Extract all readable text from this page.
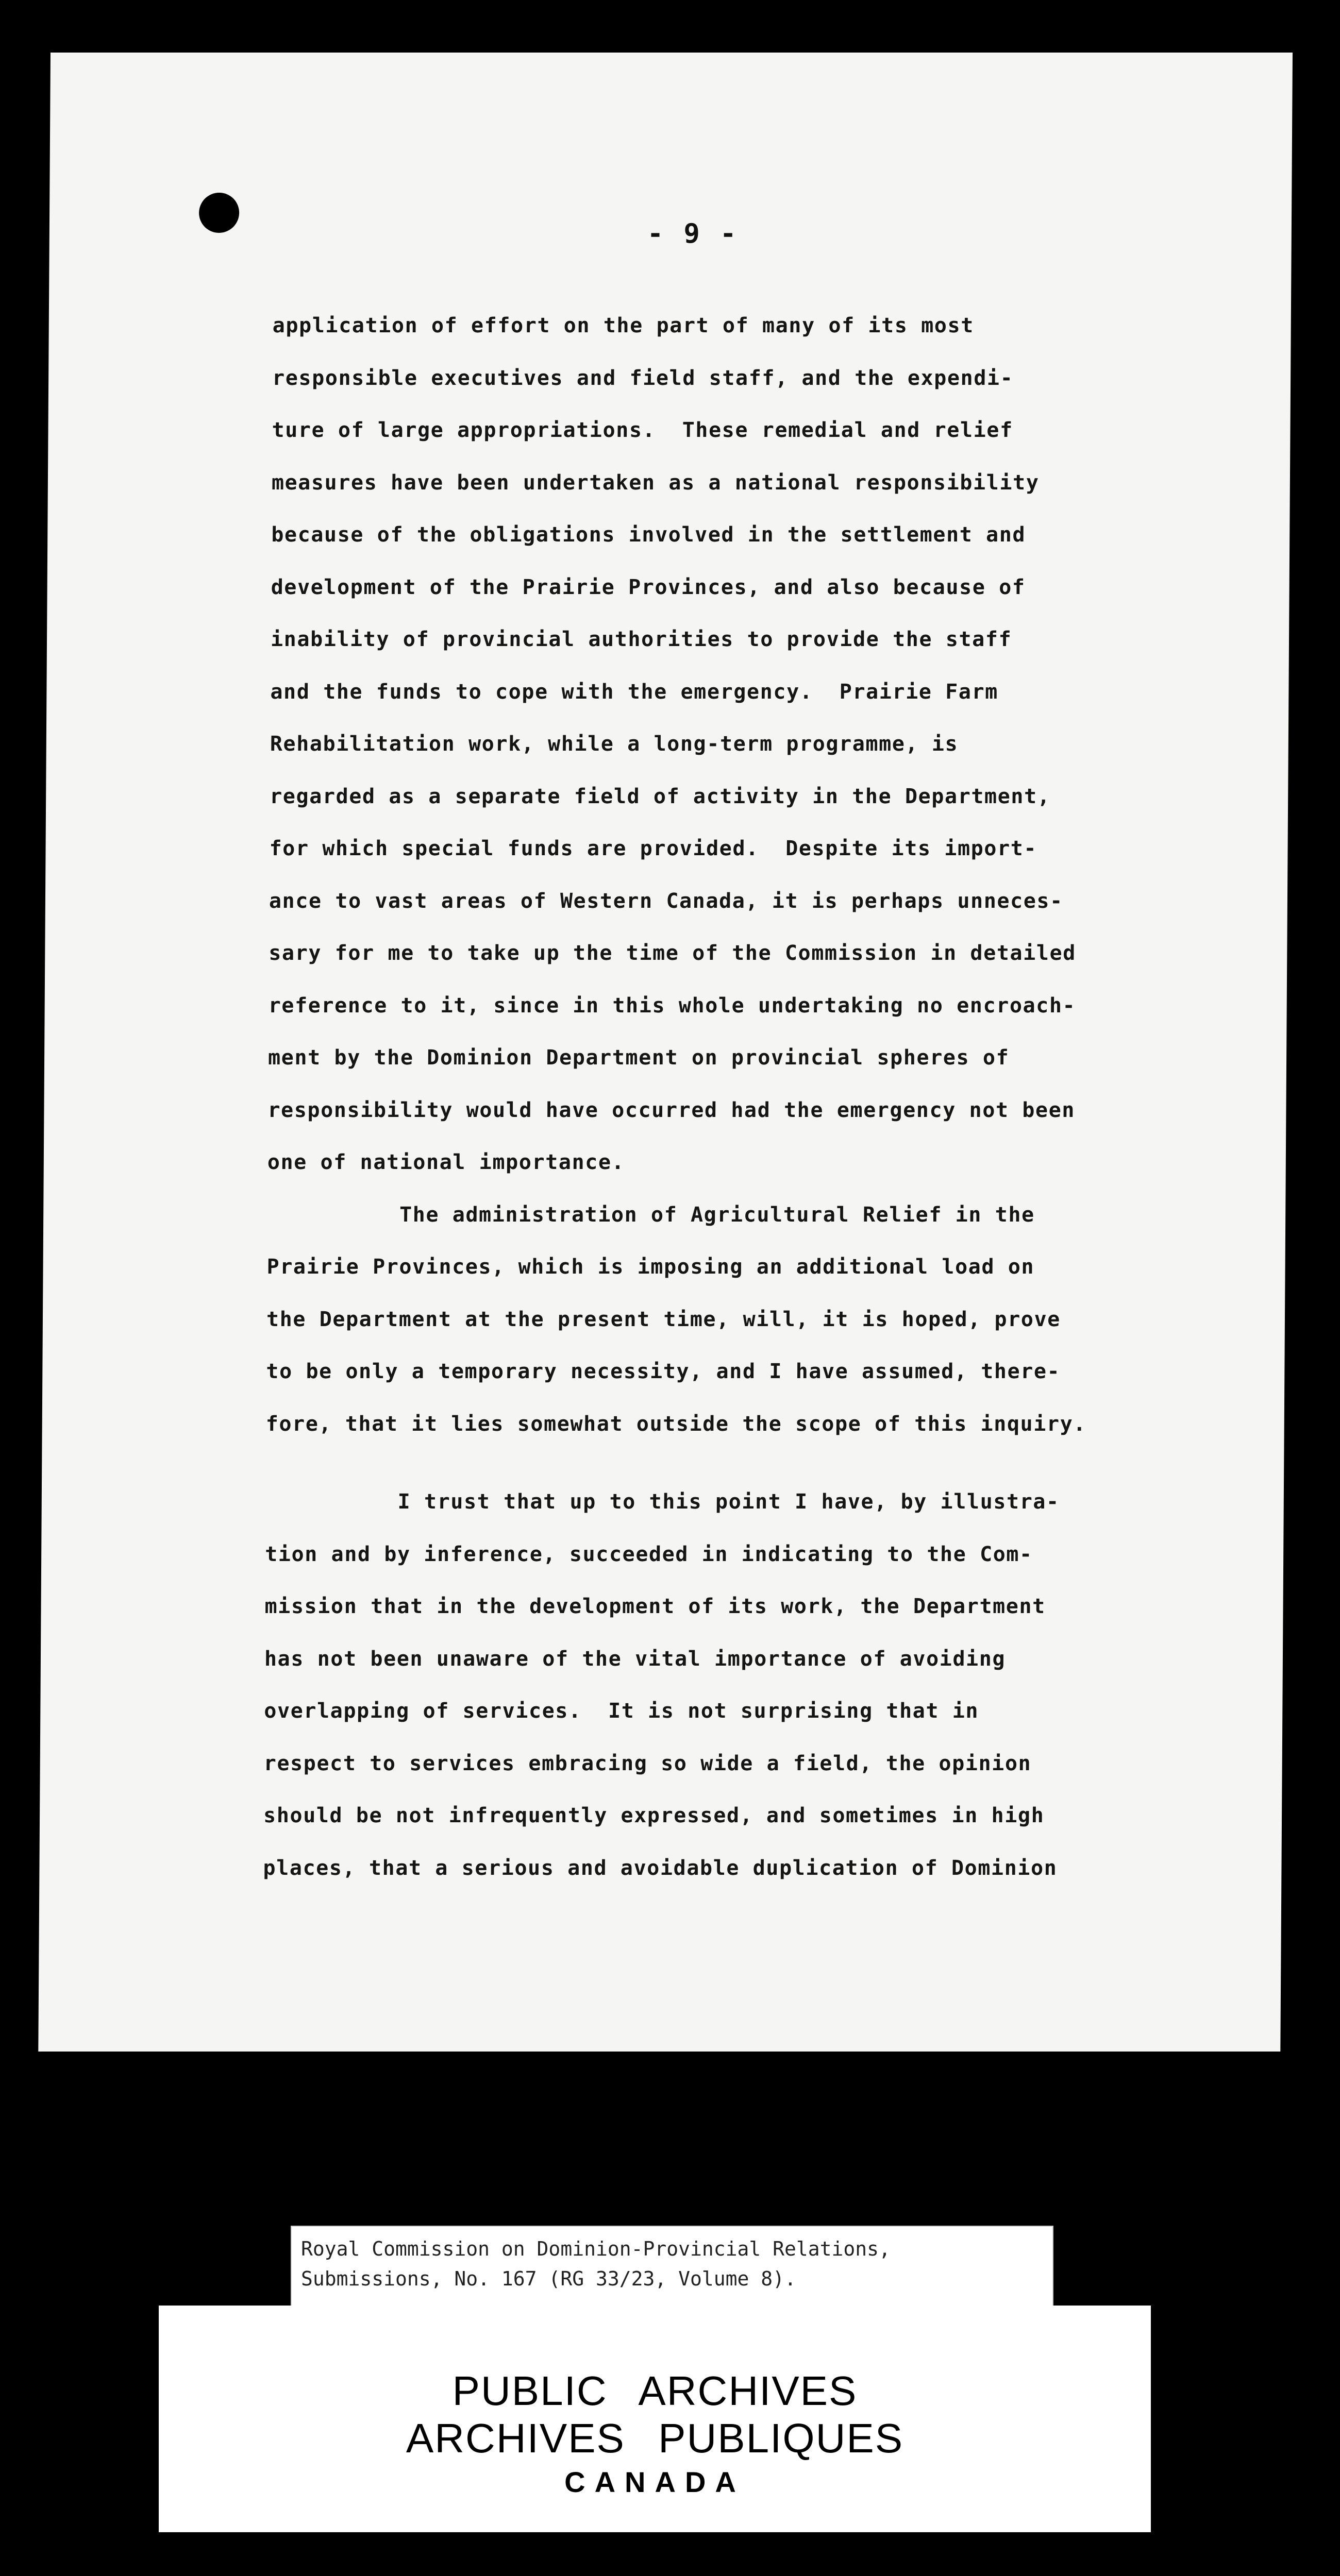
- 9 -
application of effort on the part of many of its most
responsible executives and field staff, and the expendi-
ture of large appropriations.  These remedial and relief
measures have been undertaken as a national responsibility
because of the obligations involved in the settlement and
development of the Prairie Provinces, and also because of
inability of provincial authorities to provide the staff
and the funds to cope with the emergency.  Prairie Farm
Rehabilitation work, while a long-term programme, is
regarded as a separate field of activity in the Department,
for which special funds are provided.  Despite its import-
ance to vast areas of Western Canada, it is perhaps unneces-
sary for me to take up the time of the Commission in detailed
reference to it, since in this whole undertaking no encroach-
ment by the Dominion Department on provincial spheres of
responsibility would have occurred had the emergency not been
one of national importance.
The administration of Agricultural Relief in the
Prairie Provinces, which is imposing an additional load on
the Department at the present time, will, it is hoped, prove
to be only a temporary necessity, and I have assumed, there-
fore, that it lies somewhat outside the scope of this inquiry.
I trust that up to this point I have, by illustra-
tion and by inference, succeeded in indicating to the Com-
mission that in the development of its work, the Department
has not been unaware of the vital importance of avoiding
overlapping of services.  It is not surprising that in
respect to services embracing so wide a field, the opinion
should be not infrequently expressed, and sometimes in high
places, that a serious and avoidable duplication of Dominion
Royal Commission on Dominion-Provincial Relations,
Submissions, No. 167 (RG 33/23, Volume 8).
PUBLIC ARCHIVES
ARCHIVES PUBLIQUES
CANADA
